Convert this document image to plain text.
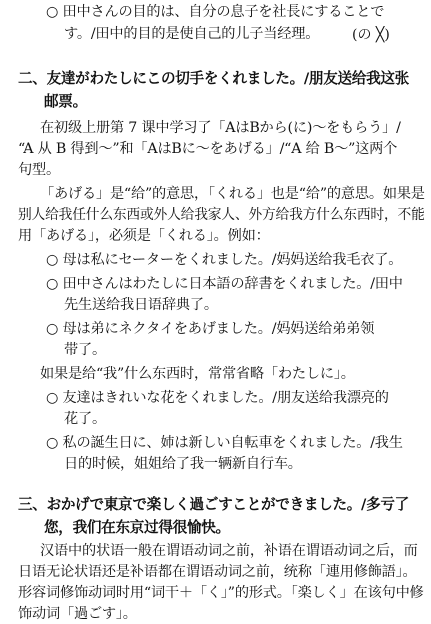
○ 田中さんの目的は、自分の息子を社長にすることで
す。/田中的目的是使自己的儿子当经理。 (の ╳)
二、友達がわたしにこの切手をくれました。/朋友送给我这张
邮票。
在初级上册第 7 课中学习了「AはBから(に)～をもらう」/
“A 从 B 得到～”和「AはBに～をあげる」/“A 给 B～”这两个
句型。
「あげる」是“给”的意思，「くれる」也是“给”的意思。如果是
别人给我任什么东西或外人给我家人、外方给我方什么东西时，不能
用「あげる」，必须是「くれる」。例如：
○ 母は私にセーターをくれました。/妈妈送给我毛衣了。
○ 田中さんはわたしに日本語の辞書をくれました。/田中
先生送给我日语辞典了。
○ 母は弟にネクタイをあげました。/妈妈送给弟弟领
带了。
如果是给“我”什么东西时，常常省略「わたしに」。
○ 友達はきれいな花をくれました。/朋友送给我漂亮的
花了。
○ 私の誕生日に、姉は新しい自転車をくれました。/我生
日的时候，姐姐给了我一辆新自行车。
三、おかげで東京で楽しく過ごすことができました。/多亏了
您，我们在东京过得很愉快。
汉语中的状语一般在谓语动词之前，补语在谓语动词之后，而
日语无论状语还是补语都在谓语动词之前，统称「連用修飾語」。
形容词修饰动词时用“词干＋「く」”的形式。「楽しく」在该句中修
饰动词「過ごす」。
